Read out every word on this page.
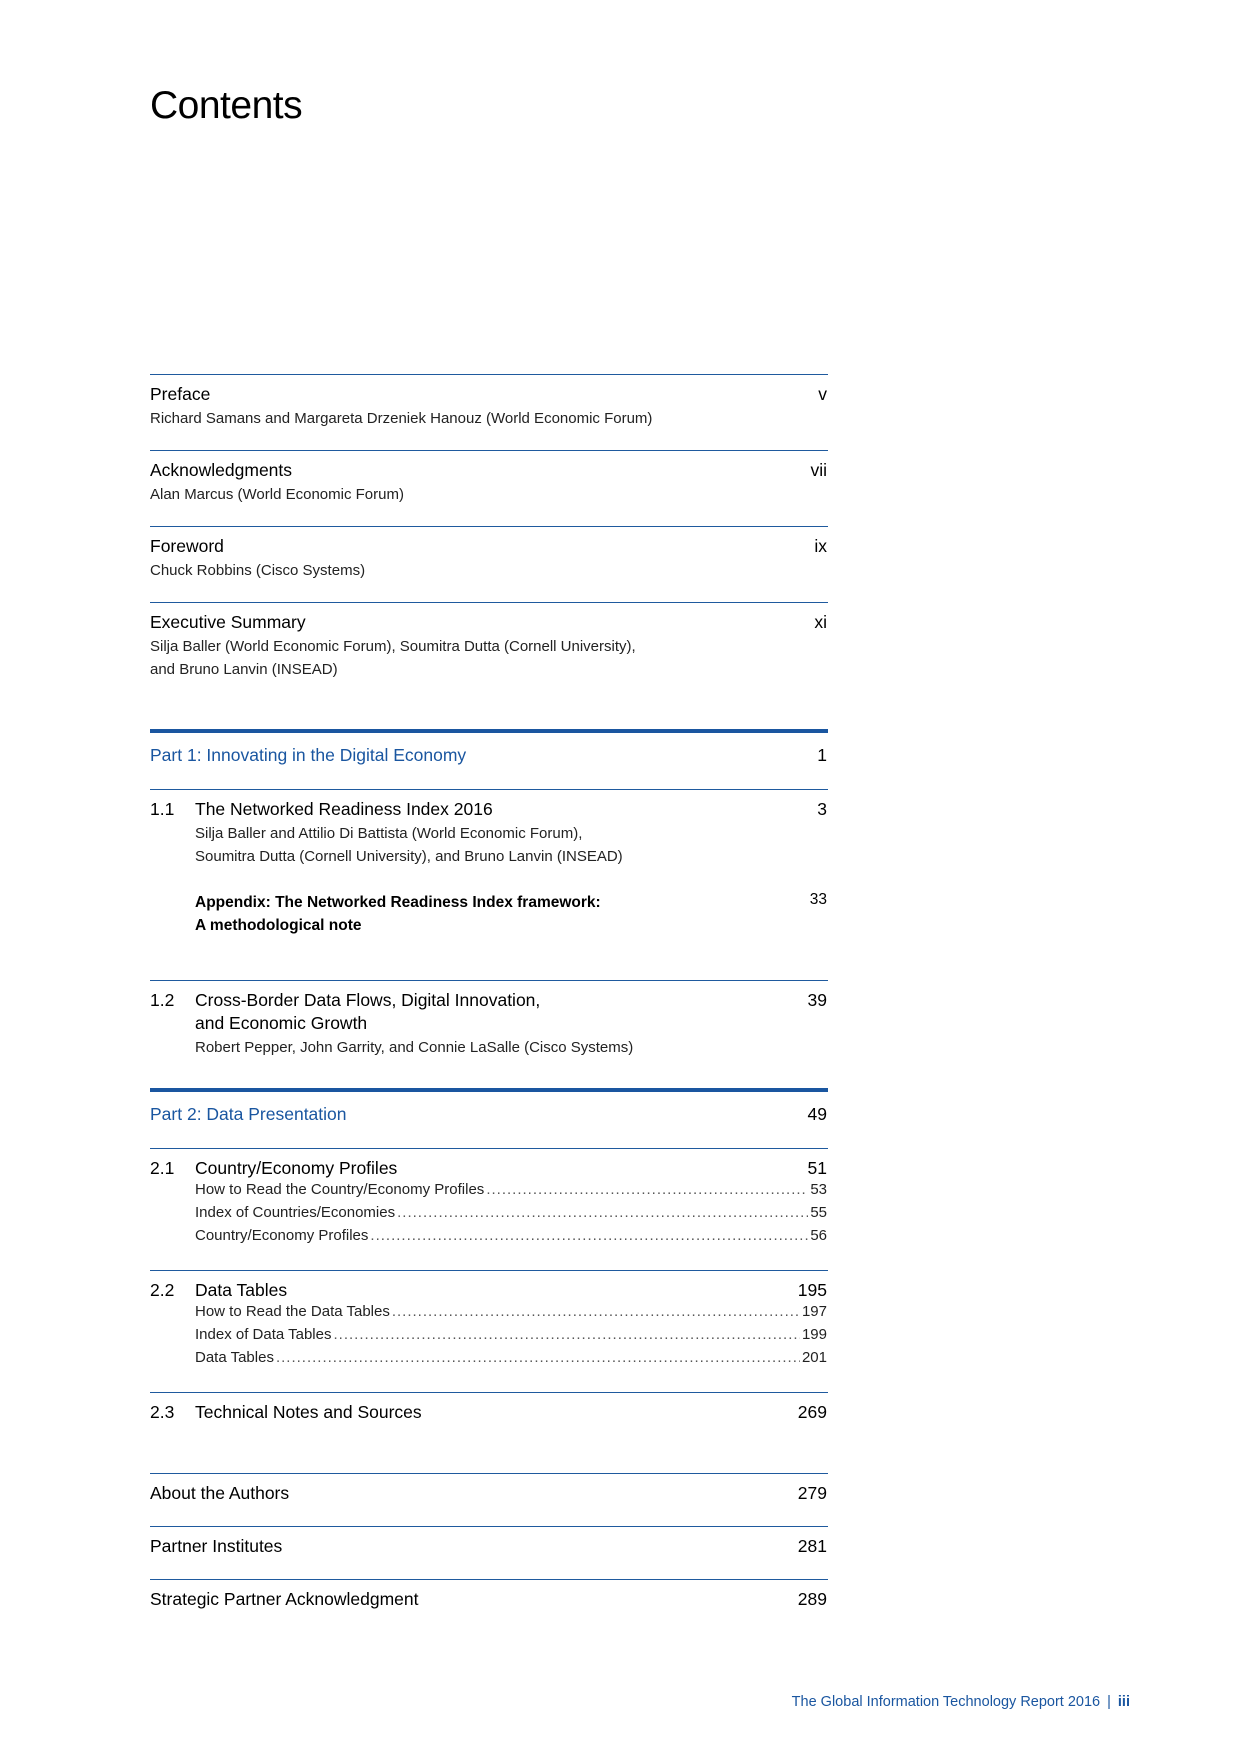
Contents
Preface	v
Richard Samans and Margareta Drzeniek Hanouz (World Economic Forum)
Acknowledgments	vii
Alan Marcus (World Economic Forum)
Foreword	ix
Chuck Robbins (Cisco Systems)
Executive Summary	xi
Silja Baller (World Economic Forum), Soumitra Dutta (Cornell University),
and Bruno Lanvin (INSEAD)
Part 1: Innovating in the Digital Economy	1
1.1 The Networked Readiness Index 2016	3
Silja Baller and Attilio Di Battista (World Economic Forum),
Soumitra Dutta (Cornell University), and Bruno Lanvin (INSEAD)
Appendix: The Networked Readiness Index framework:
A methodological note
33
1.2 Cross-Border Data Flows, Digital Innovation,
and Economic Growth
39
Robert Pepper, John Garrity, and Connie LaSalle (Cisco Systems)
Part 2: Data Presentation	49
2.1 Country/Economy Profiles	51
How to Read the Country/Economy Profiles .....	53
Index of Countries/Economies .....	55
Country/Economy Profiles .....	56
2.2 Data Tables	195
How to Read the Data Tables .....	197
Index of Data Tables .....	199
Data Tables .....	201
2.3 Technical Notes and Sources	269
About the Authors	279
Partner Institutes	281
Strategic Partner Acknowledgment	289
The Global Information Technology Report 2016 | iii
